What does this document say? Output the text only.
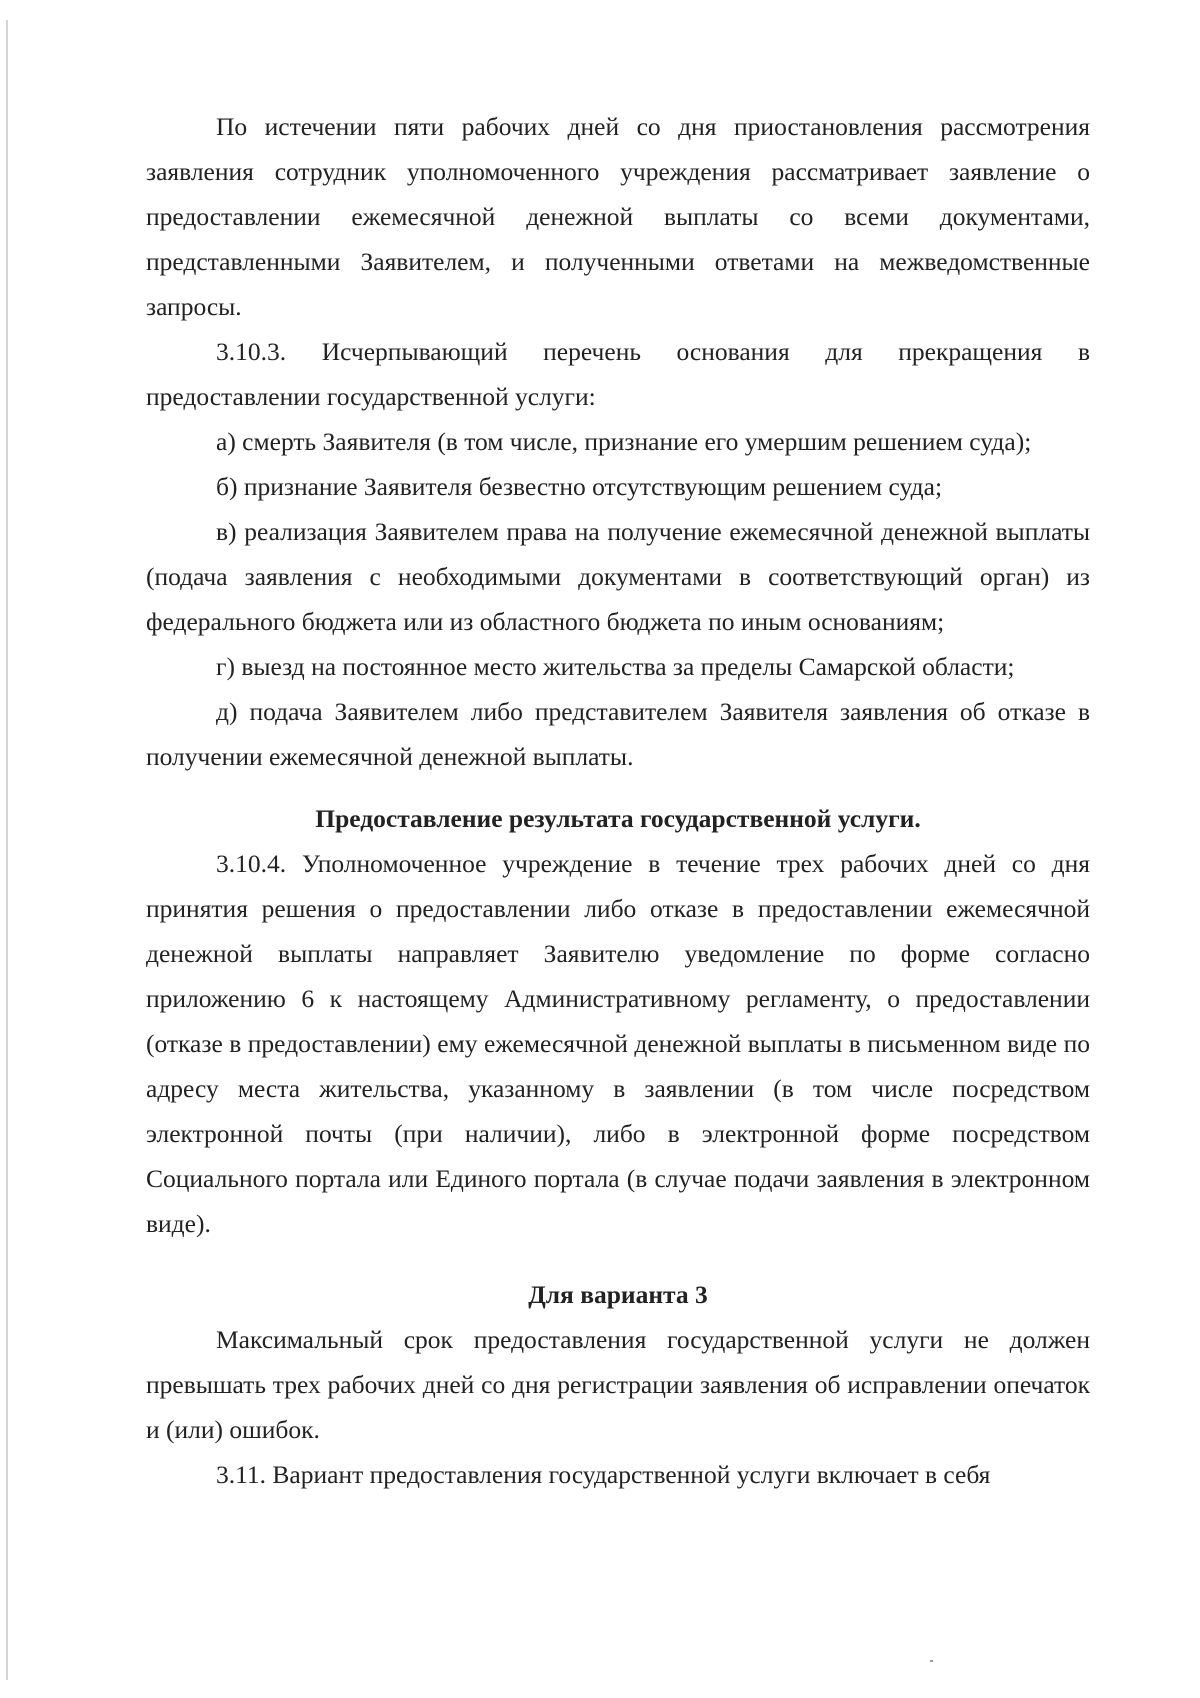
По истечении пяти рабочих дней со дня приостановления рассмотрения заявления сотрудник уполномоченного учреждения рассматривает заявление о предоставлении ежемесячной денежной выплаты со всеми документами, представленными Заявителем, и полученными ответами на межведомственные запросы.

3.10.3. Исчерпывающий перечень основания для прекращения в предоставлении государственной услуги:

а) смерть Заявителя (в том числе, признание его умершим решением суда);

б) признание Заявителя безвестно отсутствующим решением суда;

в) реализация Заявителем права на получение ежемесячной денежной выплаты (подача заявления с необходимыми документами в соответствующий орган) из федерального бюджета или из областного бюджета по иным основаниям;

г) выезд на постоянное место жительства за пределы Самарской области;

д) подача Заявителем либо представителем Заявителя заявления об отказе в получении ежемесячной денежной выплаты.

Предоставление результата государственной услуги.

3.10.4. Уполномоченное учреждение в течение трех рабочих дней со дня принятия решения о предоставлении либо отказе в предоставлении ежемесячной денежной выплаты направляет Заявителю уведомление по форме согласно приложению 6 к настоящему Административному регламенту, о предоставлении (отказе в предоставлении) ему ежемесячной денежной выплаты в письменном виде по адресу места жительства, указанному в заявлении (в том числе посредством электронной почты (при наличии), либо в электронной форме посредством Социального портала или Единого портала (в случае подачи заявления в электронном виде).

Для варианта 3

Максимальный срок предоставления государственной услуги не должен превышать трех рабочих дней со дня регистрации заявления об исправлении опечаток и (или) ошибок.

3.11. Вариант предоставления государственной услуги включает в себя
